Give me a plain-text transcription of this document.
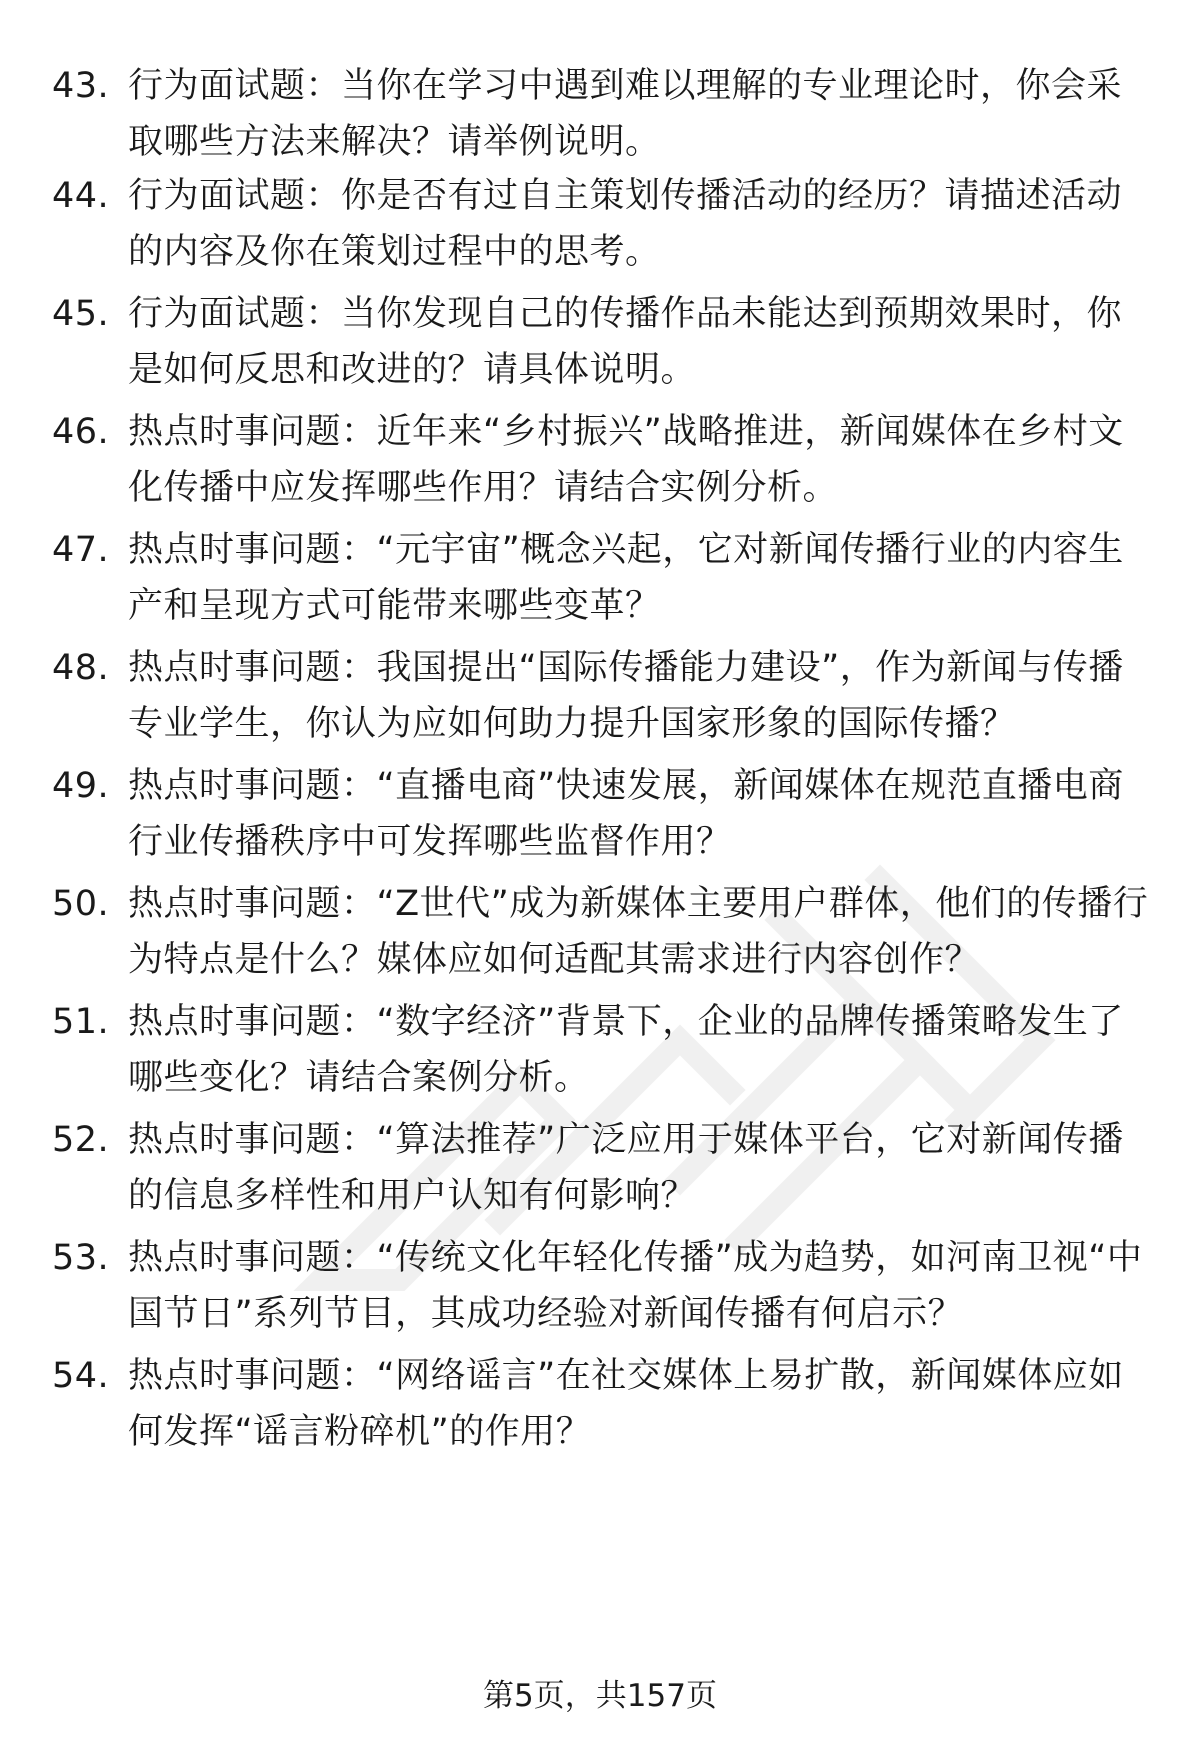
43. 行为面试题：当你在学习中遇到难以理解的专业理论时，你会采取哪些方法来解决？请举例说明。
44. 行为面试题：你是否有过自主策划传播活动的经历？请描述活动的内容及你在策划过程中的思考。
45. 行为面试题：当你发现自己的传播作品未能达到预期效果时，你是如何反思和改进的？请具体说明。
46. 热点时事问题：近年来“乡村振兴”战略推进，新闻媒体在乡村文化传播中应发挥哪些作用？请结合实例分析。
47. 热点时事问题：“元宇宙”概念兴起，它对新闻传播行业的内容生产和呈现方式可能带来哪些变革？
48. 热点时事问题：我国提出“国际传播能力建设”，作为新闻与传播专业学生，你认为应如何助力提升国家形象的国际传播？
49. 热点时事问题：“直播电商”快速发展，新闻媒体在规范直播电商行业传播秩序中可发挥哪些监督作用？
50. 热点时事问题：“Z世代”成为新媒体主要用户群体，他们的传播行为特点是什么？媒体应如何适配其需求进行内容创作？
51. 热点时事问题：“数字经济”背景下，企业的品牌传播策略发生了哪些变化？请结合案例分析。
52. 热点时事问题：“算法推荐”广泛应用于媒体平台，它对新闻传播的信息多样性和用户认知有何影响？
53. 热点时事问题：“传统文化年轻化传播”成为趋势，如河南卫视“中国节日”系列节目，其成功经验对新闻传播有何启示？
54. 热点时事问题：“网络谣言”在社交媒体上易扩散，新闻媒体应如何发挥“谣言粉碎机”的作用？
第5页，共157页
